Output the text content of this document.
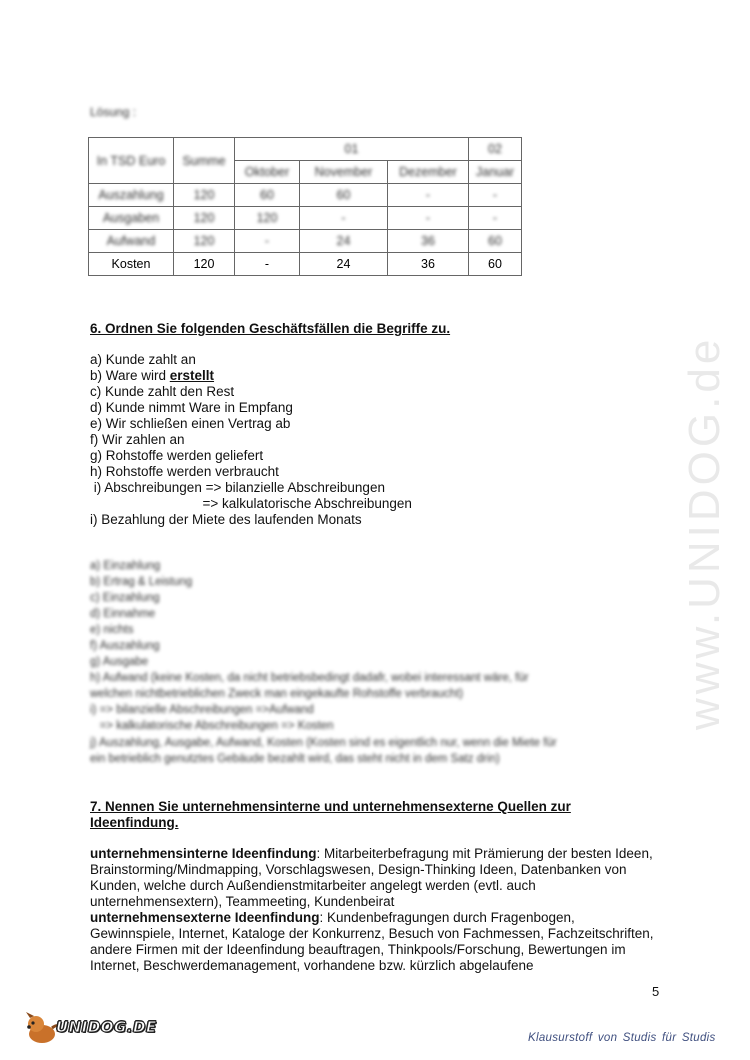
www.UNIDOG.de
Lösung :
In TSD Euro	Summe	01			02
		Oktober	November	Dezember	Januar
Auszahlung	120	60	60	-	-
Ausgaben	120	120	-	-	-
Aufwand	120	-	24	36	60
Kosten	120	-	24	36	60
6. Ordnen Sie folgenden Geschäftsfällen die Begriffe zu.
a) Kunde zahlt an
b) Ware wird erstellt
c) Kunde zahlt den Rest
d) Kunde nimmt Ware in Empfang
e) Wir schließen einen Vertrag ab
f) Wir zahlen an
g) Rohstoffe werden geliefert
h) Rohstoffe werden verbraucht
i) Abschreibungen => bilanzielle Abschreibungen
=> kalkulatorische Abschreibungen
i) Bezahlung der Miete des laufenden Monats
a) Einzahlung
b) Ertrag & Leistung
c) Einzahlung
d) Einnahme
e) nichts
f) Auszahlung
g) Ausgabe
h) Aufwand (keine Kosten, da nicht betriebsbedingt dadafr, wobei interessant wäre, für
welchen nichtbetrieblichen Zweck man eingekaufte Rohstoffe verbraucht)
i) => bilanzielle Abschreibungen =>Aufwand
=> kalkulatorische Abschreibungen => Kosten
j) Auszahlung, Ausgabe, Aufwand, Kosten (Kosten sind es eigentlich nur, wenn die Miete für
ein betrieblich genutztes Gebäude bezahlt wird, das steht nicht in dem Satz drin)
7. Nennen Sie unternehmensinterne und unternehmensexterne Quellen zur Ideenfindung.
unternehmensinterne Ideenfindung: Mitarbeiterbefragung mit Prämierung der besten Ideen, Brainstorming/Mindmapping, Vorschlagswesen, Design-Thinking Ideen, Datenbanken von Kunden, welche durch Außendienstmitarbeiter angelegt werden (evtl. auch unternehmensextern), Teammeeting, Kundenbeirat
unternehmensexterne Ideenfindung: Kundenbefragungen durch Fragenbogen, Gewinnspiele, Internet, Kataloge der Konkurrenz, Besuch von Fachmessen, Fachzeitschriften, andere Firmen mit der Ideenfindung beauftragen, Thinkpools/Forschung, Bewertungen im Internet, Beschwerdemanagement, vorhandene bzw. kürzlich abgelaufene
5
UNIDOG.DE
Klausurstoff von Studis für Studis
